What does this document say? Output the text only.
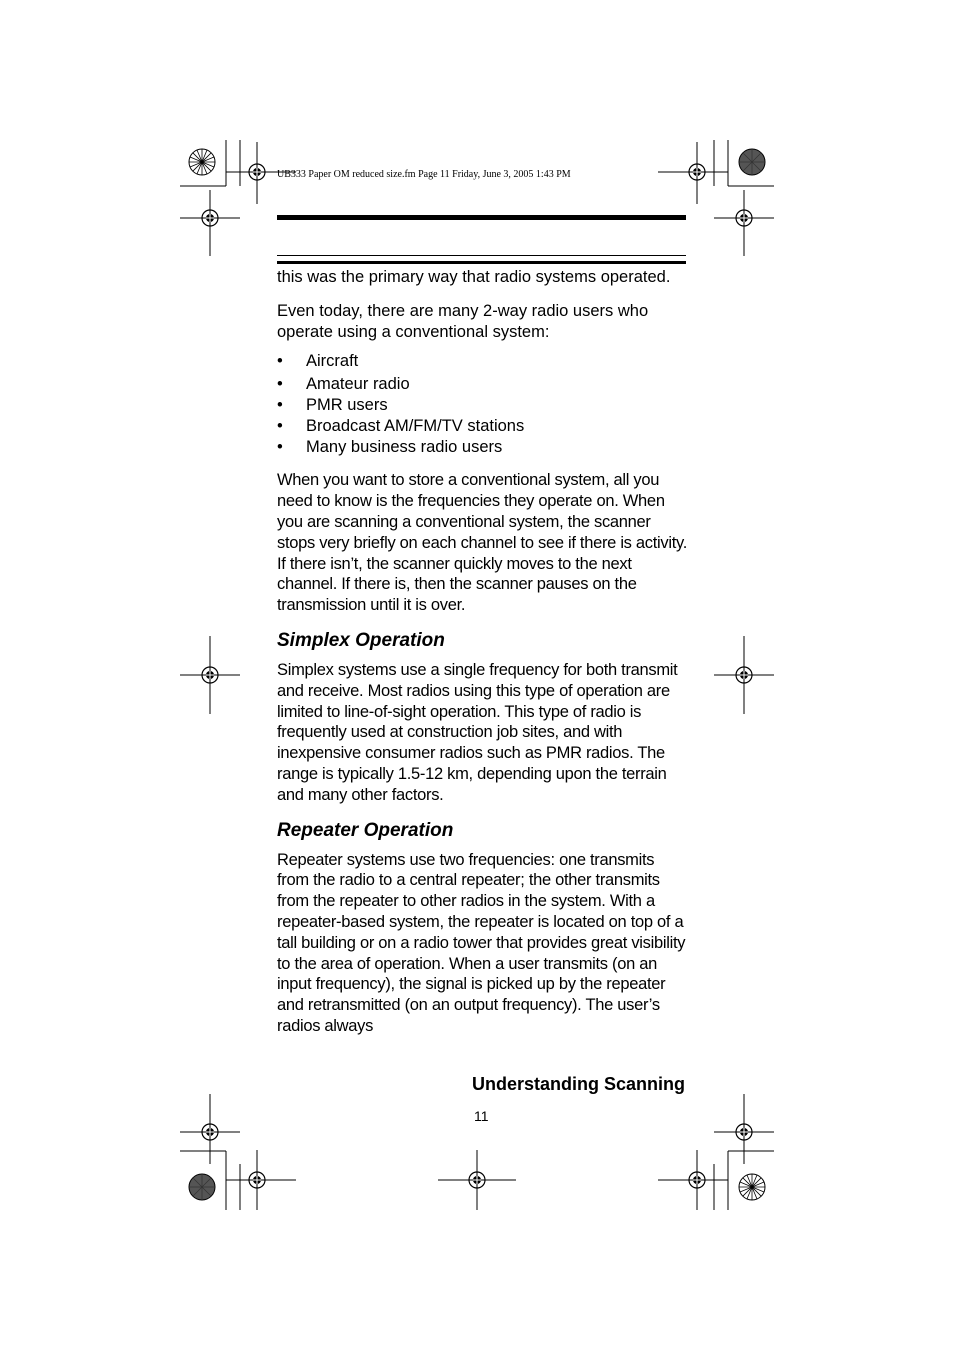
UB333 Paper OM reduced size.fm Page 11 Friday, June 3, 2005 1:43 PM

this was the primary way that radio systems operated.

Even today, there are many 2-way radio users who operate using a conventional system:

• Aircraft
• Amateur radio
• PMR users
• Broadcast AM/FM/TV stations
• Many business radio users

When you want to store a conventional system, all you need to know is the frequencies they operate on. When you are scanning a conventional system, the scanner stops very briefly on each channel to see if there is activity. If there isn’t, the scanner quickly moves to the next channel. If there is, then the scanner pauses on the transmission until it is over.

Simplex Operation

Simplex systems use a single frequency for both transmit and receive. Most radios using this type of operation are limited to line-of-sight operation. This type of radio is frequently used at construction job sites, and with inexpensive consumer radios such as PMR radios. The range is typically 1.5-12 km, depending upon the terrain and many other factors.

Repeater Operation

Repeater systems use two frequencies: one transmits from the radio to a central repeater; the other transmits from the repeater to other radios in the system. With a repeater-based system, the repeater is located on top of a tall building or on a radio tower that provides great visibility to the area of operation. When a user transmits (on an input frequency), the signal is picked up by the repeater and retransmitted (on an output frequency). The user’s radios always

Understanding Scanning
11
